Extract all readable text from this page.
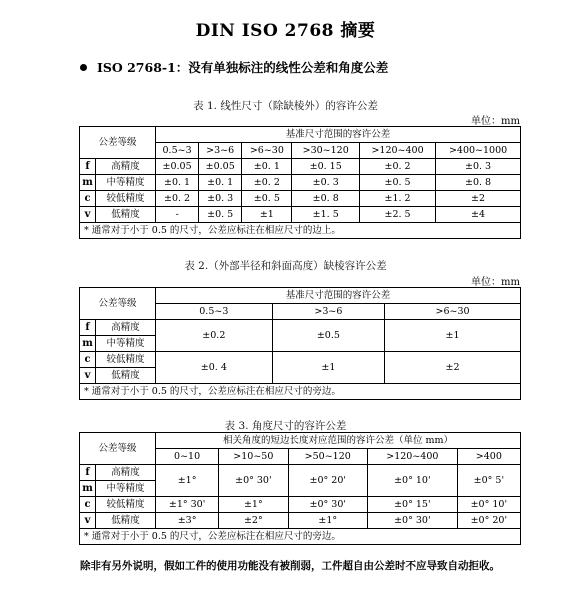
DIN ISO 2768 摘要
ISO 2768-1：没有单独标注的线性公差和角度公差
表 1. 线性尺寸（除缺棱外）的容许公差
单位：mm
公差等级		基准尺寸范围的容许公差					
		0.5~3	>3~6	>6~30	>30~120	>120~400	>400~1000
f	高精度	±0.05	±0.05	±0. 1	±0. 15	±0. 2	±0. 3
m	中等精度	±0. 1	±0. 1	±0. 2	±0. 3	±0. 5	±0. 8
c	较低精度	±0. 2	±0. 3	±0. 5	±0. 8	±1. 2	±2
v	低精度	-	±0. 5	±1	±1. 5	±2. 5	±4
* 通常对于小于 0.5 的尺寸，公差应标注在相应尺寸的边上。							
表 2.（外部半径和斜面高度）缺棱容许公差
单位：mm
公差等级		基准尺寸范围的容许公差		
		0.5~3	>3~6	>6~30
f	高精度	±0.2	±0.5	±1
m	中等精度			
c	较低精度	±0. 4	±1	±2
v	低精度			
* 通常对于小于 0.5 的尺寸，公差应标注在相应尺寸的旁边。				
表 3. 角度尺寸的容许公差
公差等级		相关角度的短边长度对应范围的容许公差（单位 mm）				
		0~10	>10~50	>50~120	>120~400	>400
f	高精度	±1°	±0° 30'	±0° 20'	±0° 10'	±0° 5'
m	中等精度					
c	较低精度	±1° 30'	±1°	±0° 30'	±0° 15'	±0° 10'
v	低精度	±3°	±2°	±1°	±0° 30'	±0° 20'
* 通常对于小于 0.5 的尺寸，公差应标注在相应尺寸的旁边。						
除非有另外说明，假如工件的使用功能没有被削弱，工件超自由公差时不应导致自动拒收。
